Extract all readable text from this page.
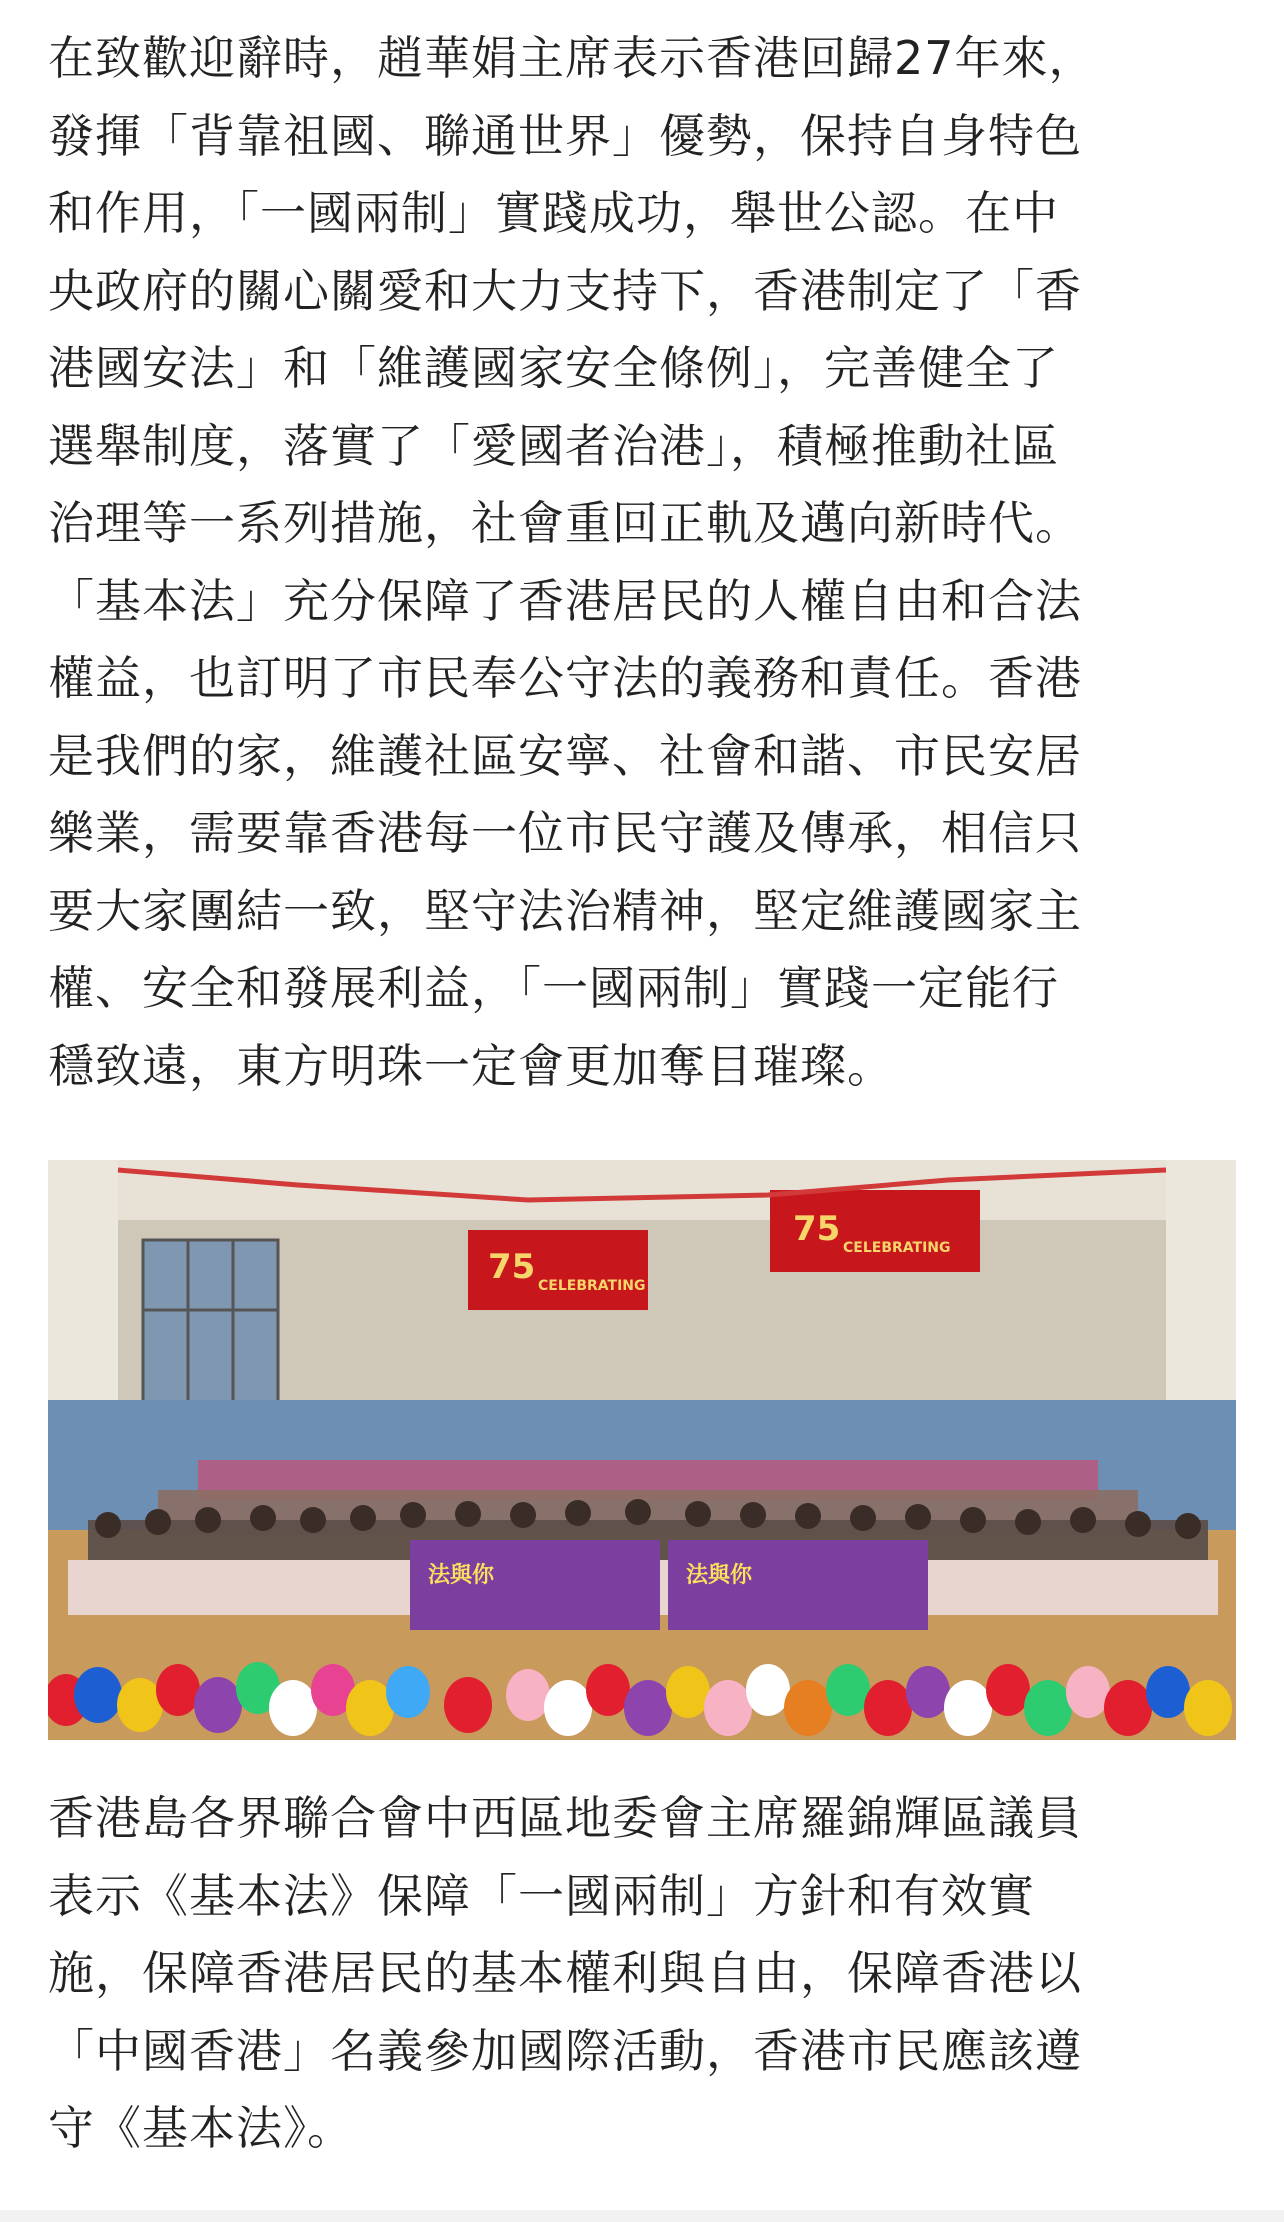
在致歡迎辭時，趙華娟主席表示香港回歸27年來，
發揮「背靠祖國、聯通世界」優勢，保持自身特色
和作用，「一國兩制」實踐成功，舉世公認。在中
央政府的關心關愛和大力支持下，香港制定了「香
港國安法」和「維護國家安全條例」，完善健全了
選舉制度，落實了「愛國者治港」，積極推動社區
治理等一系列措施，社會重回正軌及邁向新時代。
「基本法」充分保障了香港居民的人權自由和合法
權益，也訂明了市民奉公守法的義務和責任。香港
是我們的家，維護社區安寧、社會和諧、市民安居
樂業，需要靠香港每一位市民守護及傳承，相信只
要大家團結一致，堅守法治精神，堅定維護國家主
權、安全和發展利益，「一國兩制」實踐一定能行
穩致遠，東方明珠一定會更加奪目璀璨。

75 CELEBRATING
75 CELEBRATING
法與你	法與你

香港島各界聯合會中西區地委會主席羅錦輝區議員
表示《基本法》保障「一國兩制」方針和有效實
施，保障香港居民的基本權利與自由，保障香港以
「中國香港」名義參加國際活動，香港市民應該遵
守《基本法》。
